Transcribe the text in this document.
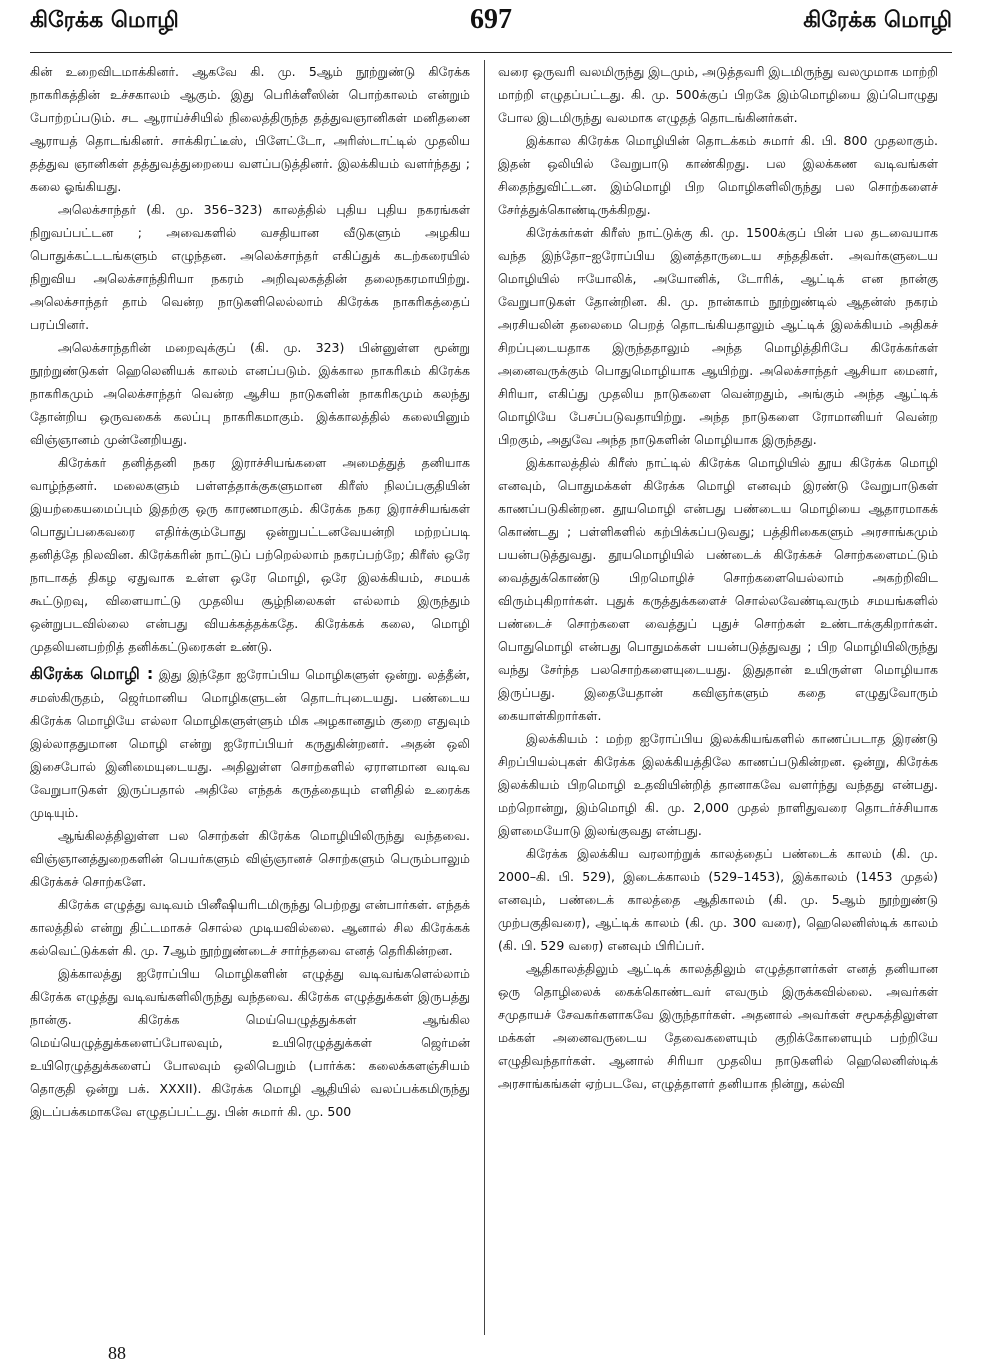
கிரேக்க மொழி	697	கிரேக்க மொழி

கின் உறைவிடமாக்கினர். ஆகவே கி. மு. 5ஆம் நூற்றுண்டு கிரேக்க நாகரிகத்தின் உச்சகாலம் ஆகும். இது பெரிக்ளீஸின் பொற்காலம் என்றும் போற்றப்படும். சட ஆராய்ச்சியில் நிலைத்திருந்த தத்துவஞானிகள் மனிதனை ஆராயத் தொடங்கினர். சாக்கிரட்டீஸ், பிளேட்டோ, அரிஸ்டாட்டில் முதலிய தத்துவ ஞானிகள் தத்துவத்துறையை வளப்படுத்தினர். இலக்கியம் வளர்ந்தது ; கலை ஓங்கியது.

அலெக்சாந்தர் (கி. மு. 356–323) காலத்தில் புதிய புதிய நகரங்கள் நிறுவப்பட்டன ; அவைகளில் வசதியான வீடுகளும் அழகிய பொதுக்கட்டடங்களும் எழுந்தன. அலெக்சாந்தர் எகிப்துக் கடற்கரையில் நிறுவிய அலெக்சாந்திரியா நகரம் அறிவுலகத்தின் தலைநகரமாயிற்று. அலெக்சாந்தர் தாம் வென்ற நாடுகளிலெல்லாம் கிரேக்க நாகரிகத்தைப் பரப்பினர்.

அலெக்சாந்தரின் மறைவுக்குப் (கி. மு. 323) பின்னுள்ள மூன்று நூற்றுண்டுகள் ஹெலெனியக் காலம் எனப்படும். இக்கால நாகரிகம் கிரேக்க நாகரிகமும் அலெக்சாந்தர் வென்ற ஆசிய நாடுகளின் நாகரிகமும் கலந்து தோன்றிய ஒருவகைக் கலப்பு நாகரிகமாகும். இக்காலத்தில் கலையினும் விஞ்ஞானம் முன்னேறியது.

கிரேக்கர் தனித்தனி நகர இராச்சியங்களை அமைத்துத் தனியாக வாழ்ந்தனர். மலைகளும் பள்ளத்தாக்குகளுமான கிரீஸ் நிலப்பகுதியின் இயற்கையமைப்பும் இதற்கு ஒரு காரணமாகும். கிரேக்க நகர இராச்சியங்கள் பொதுப்பகைவரை எதிர்க்கும்போது ஒன்றுபட்டனவேயன்றி மற்றப்படி தனித்தே நிலவின. கிரேக்கரின் நாட்டுப் பற்றெல்லாம் நகரப்பற்றே; கிரீஸ் ஒரே நாடாகத் திகழ ஏதுவாக உள்ள ஒரே மொழி, ஒரே இலக்கியம், சமயக் கூட்டுறவு, விளையாட்டு முதலிய சூழ்நிலைகள் எல்லாம் இருந்தும் ஒன்றுபடவில்லை என்பது வியக்கத்தக்கதே. கிரேக்கக் கலை, மொழி முதலியனபற்றித் தனிக்கட்டுரைகள் உண்டு.

கிரேக்க மொழி : இது இந்தோ ஐரோப்பிய மொழிகளுள் ஒன்று. லத்தீன், சமஸ்கிருதம், ஜெர்மானிய மொழிகளுடன் தொடர்புடையது. பண்டைய கிரேக்க மொழியே எல்லா மொழிகளுள்ளும் மிக அழகானதும் குறை எதுவும் இல்லாததுமான மொழி என்று ஐரோப்பியர் கருதுகின்றனர். அதன் ஒலி இசைபோல் இனிமையுடையது. அதிலுள்ள சொற்களில் ஏராளமான வடிவ வேறுபாடுகள் இருப்பதால் அதிலே எந்தக் கருத்தையும் எளிதில் உரைக்க முடியும்.

ஆங்கிலத்திலுள்ள பல சொற்கள் கிரேக்க மொழியிலிருந்து வந்தவை. விஞ்ஞானத்துறைகளின் பெயர்களும் விஞ்ஞானச் சொற்களும் பெரும்பாலும் கிரேக்கச் சொற்களே.

கிரேக்க எழுத்து வடிவம் பினீஷியரிடமிருந்து பெற்றது என்பார்கள். எந்தக் காலத்தில் என்று திட்டமாகச் சொல்ல முடியவில்லை. ஆனால் சில கிரேக்கக் கல்வெட்டுக்கள் கி. மு. 7ஆம் நூற்றுண்டைச் சார்ந்தவை எனத் தெரிகின்றன.

இக்காலத்து ஐரோப்பிய மொழிகளின் எழுத்து வடிவங்களெல்லாம் கிரேக்க எழுத்து வடிவங்களிலிருந்து வந்தவை. கிரேக்க எழுத்துக்கள் இருபத்து நான்கு. கிரேக்க மெய்யெழுத்துக்கள் ஆங்கில மெய்யெழுத்துக்களைப்போலவும், உயிரெழுத்துக்கள் ஜெர்மன் உயிரெழுத்துக்களைப் போலவும் ஒலிபெறும் (பார்க்க: கலைக்களஞ்சியம் தொகுதி ஒன்று பக். XXXII). கிரேக்க மொழி ஆதியில் வலப்பக்கமிருந்து இடப்பக்கமாகவே எழுதப்பட்டது. பின் சுமார் கி. மு. 500

வரை ஒருவரி வலமிருந்து இடமும், அடுத்தவரி இடமிருந்து வலமுமாக மாற்றி மாற்றி எழுதப்பட்டது. கி. மு. 500க்குப் பிறகே இம்மொழியை இப்பொழுது போல இடமிருந்து வலமாக எழுதத் தொடங்கினர்கள்.

இக்கால கிரேக்க மொழியின் தொடக்கம் சுமார் கி. பி. 800 முதலாகும். இதன் ஒலியில் வேறுபாடு காண்கிறது. பல இலக்கண வடிவங்கள் சிதைந்துவிட்டன. இம்மொழி பிற மொழிகளிலிருந்து பல சொற்களைச் சேர்த்துக்கொண்டிருக்கிறது.

கிரேக்கர்கள் கிரீஸ் நாட்டுக்கு கி. மு. 1500க்குப் பின் பல தடவையாக வந்த இந்தோ–ஐரோப்பிய இனத்தாருடைய சந்ததிகள். அவர்களுடைய மொழியில் ஈயோலிக், அயோனிக், டோரிக், ஆட்டிக் என நான்கு வேறுபாடுகள் தோன்றின. கி. மு. நான்காம் நூற்றுண்டில் ஆதன்ஸ் நகரம் அரசியலின் தலைமை பெறத் தொடங்கியதாலும் ஆட்டிக் இலக்கியம் அதிகச் சிறப்புடையதாக இருந்ததாலும் அந்த மொழித்திரிபே கிரேக்கர்கள் அனைவருக்கும் பொதுமொழியாக ஆயிற்று. அலெக்சாந்தர் ஆசியா மைனர், சிரியா, எகிப்து முதலிய நாடுகளை வென்றதும், அங்கும் அந்த ஆட்டிக் மொழியே பேசப்படுவதாயிற்று. அந்த நாடுகளை ரோமானியர் வென்ற பிறகும், அதுவே அந்த நாடுகளின் மொழியாக இருந்தது.

இக்காலத்தில் கிரீஸ் நாட்டில் கிரேக்க மொழியில் தூய கிரேக்க மொழி எனவும், பொதுமக்கள் கிரேக்க மொழி எனவும் இரண்டு வேறுபாடுகள் காணப்படுகின்றன. தூயமொழி என்பது பண்டைய மொழியை ஆதாரமாகக் கொண்டது ; பள்ளிகளில் கற்பிக்கப்படுவது; பத்திரிகைகளும் அரசாங்கமும் பயன்படுத்துவது. தூயமொழியில் பண்டைக் கிரேக்கச் சொற்களைமட்டும் வைத்துக்கொண்டு பிறமொழிச் சொற்களையெல்லாம் அகற்றிவிட விரும்புகிறார்கள். புதுக் கருத்துக்களைச் சொல்லவேண்டிவரும் சமயங்களில் பண்டைச் சொற்களை வைத்துப் புதுச் சொற்கள் உண்டாக்குகிறார்கள். பொதுமொழி என்பது பொதுமக்கள் பயன்படுத்துவது ; பிற மொழியிலிருந்து வந்து சேர்ந்த பலசொற்களையுடையது. இதுதான் உயிருள்ள மொழியாக இருப்பது. இதையேதான் கவிஞர்களும் கதை எழுதுவோரும் கையாள்கிறார்கள்.

இலக்கியம் : மற்ற ஐரோப்பிய இலக்கியங்களில் காணப்படாத இரண்டு சிறப்பியல்புகள் கிரேக்க இலக்கியத்திலே காணப்படுகின்றன. ஒன்று, கிரேக்க இலக்கியம் பிறமொழி உதவியின்றித் தானாகவே வளர்ந்து வந்தது என்பது. மற்றொன்று, இம்மொழி கி. மு. 2,000 முதல் நாளிதுவரை தொடர்ச்சியாக இளமையோடு இலங்குவது என்பது.

கிரேக்க இலக்கிய வரலாற்றுக் காலத்தைப் பண்டைக் காலம் (கி. மு. 2000–கி. பி. 529), இடைக்காலம் (529–1453), இக்காலம் (1453 முதல்) எனவும், பண்டைக் காலத்தை ஆதிகாலம் (கி. மு. 5ஆம் நூற்றுண்டு முற்பகுதிவரை), ஆட்டிக் காலம் (கி. மு. 300 வரை), ஹெலெனிஸ்டிக் காலம் (கி. பி. 529 வரை) எனவும் பிரிப்பர்.

ஆதிகாலத்திலும் ஆட்டிக் காலத்திலும் எழுத்தாளர்கள் எனத் தனியான ஒரு தொழிலைக் கைக்கொண்டவர் எவரும் இருக்கவில்லை. அவர்கள் சமுதாயச் சேவகர்களாகவே இருந்தார்கள். அதனால் அவர்கள் சமூகத்திலுள்ள மக்கள் அனைவருடைய தேவைகளையும் குறிக்கோளையும் பற்றியே எழுதிவந்தார்கள். ஆனால் சிரியா முதலிய நாடுகளில் ஹெலெனிஸ்டிக் அரசாங்கங்கள் ஏற்படவே, எழுத்தாளர் தனியாக நின்று, கல்வி

88
